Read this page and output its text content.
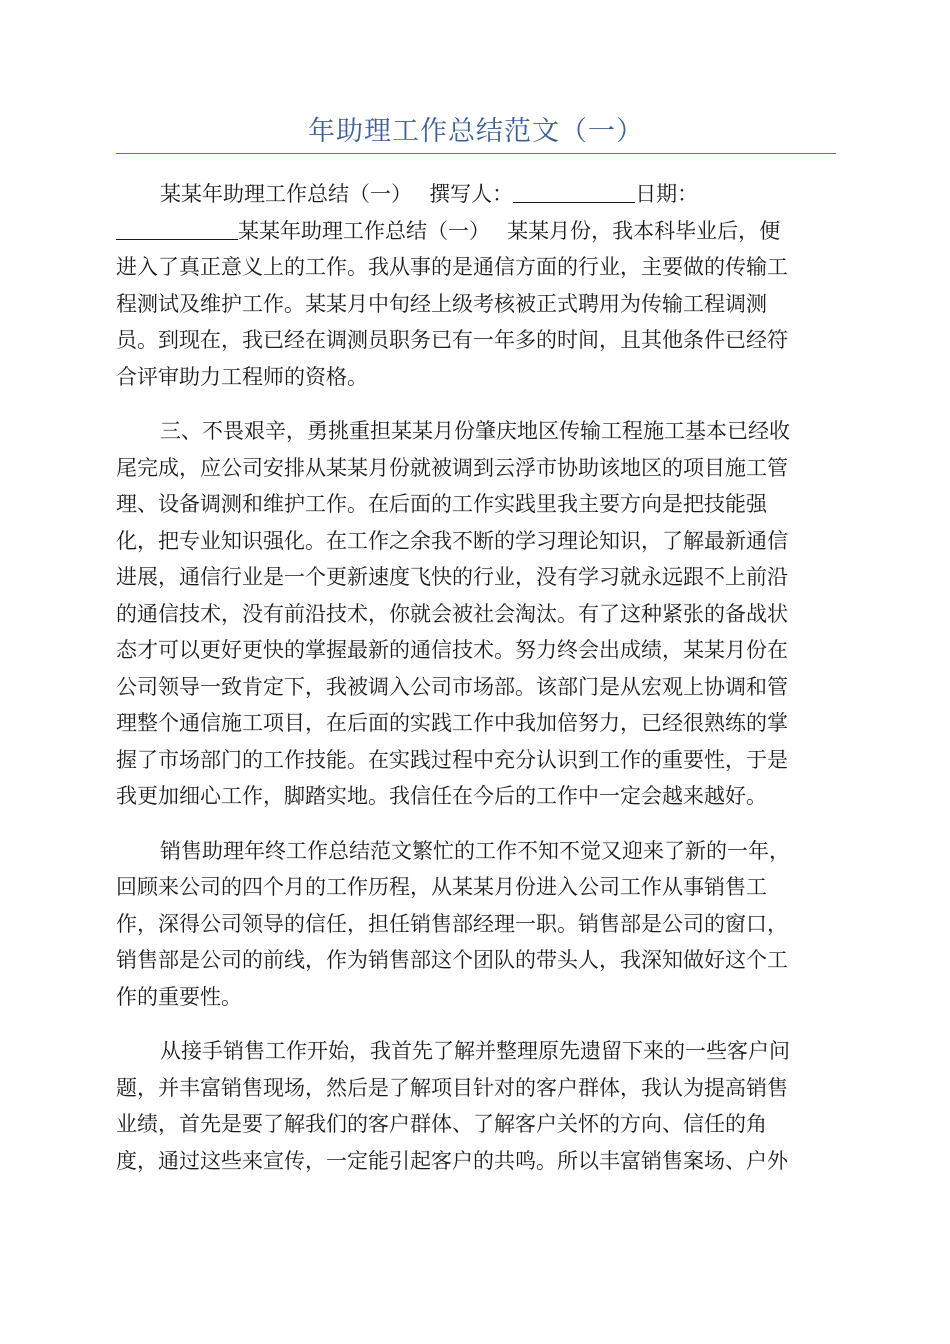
年助理工作总结范文（一）
某某年助理工作总结（一）　 撰写人：	日期：
某某年助理工作总结（一）　 某某月份，我本科毕业后，便
进入了真正意义上的工作。我从事的是通信方面的行业，主要做的传输工
程测试及维护工作。某某月中旬经上级考核被正式聘用为传输工程调测
员。到现在，我已经在调测员职务已有一年多的时间，且其他条件已经符
合评审助力工程师的资格。
三、不畏艰辛，勇挑重担某某月份肇庆地区传输工程施工基本已经收
尾完成，应公司安排从某某月份就被调到云浮市协助该地区的项目施工管
理、设备调测和维护工作。在后面的工作实践里我主要方向是把技能强
化，把专业知识强化。在工作之余我不断的学习理论知识，了解最新通信
进展，通信行业是一个更新速度飞快的行业，没有学习就永远跟不上前沿
的通信技术，没有前沿技术，你就会被社会淘汰。有了这种紧张的备战状
态才可以更好更快的掌握最新的通信技术。努力终会出成绩，某某月份在
公司领导一致肯定下，我被调入公司市场部。该部门是从宏观上协调和管
理整个通信施工项目，在后面的实践工作中我加倍努力，已经很熟练的掌
握了市场部门的工作技能。在实践过程中充分认识到工作的重要性，于是
我更加细心工作，脚踏实地。我信任在今后的工作中一定会越来越好。
销售助理年终工作总结范文繁忙的工作不知不觉又迎来了新的一年，
回顾来公司的四个月的工作历程，从某某月份进入公司工作从事销售工
作，深得公司领导的信任，担任销售部经理一职。销售部是公司的窗口，
销售部是公司的前线，作为销售部这个团队的带头人，我深知做好这个工
作的重要性。
从接手销售工作开始，我首先了解并整理原先遗留下来的一些客户问
题，并丰富销售现场，然后是了解项目针对的客户群体，我认为提高销售
业绩，首先是要了解我们的客户群体、了解客户关怀的方向、信任的角
度，通过这些来宣传，一定能引起客户的共鸣。所以丰富销售案场、户外
